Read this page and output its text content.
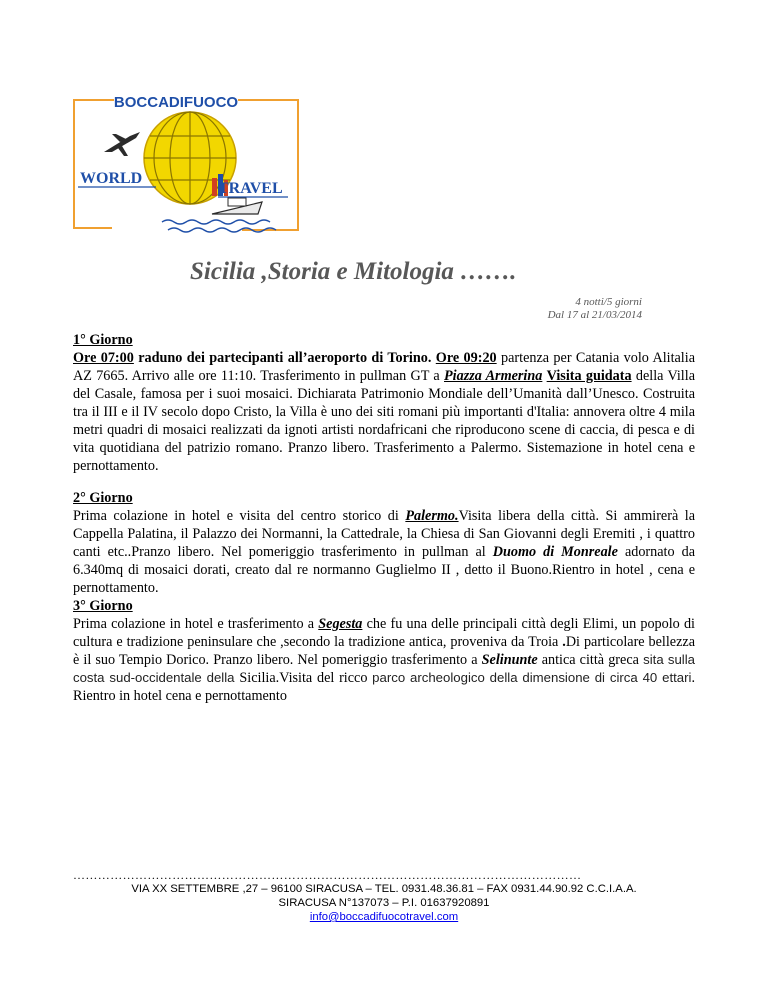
BOCCADIFUOCO
WORLD
TRAVEL
Sicilia ,Storia e Mitologia …….
4 notti/5 giorni
Dal 17 al 21/03/2014
1° Giorno

Ore 07:00 raduno dei partecipanti all’aeroporto di Torino. Ore 09:20 partenza per Catania volo Alitalia AZ 7665. Arrivo alle ore 11:10. Trasferimento in pullman GT a Piazza Armerina Visita guidata della Villa del Casale, famosa per i suoi mosaici. Dichiarata Patrimonio Mondiale dell’Umanità dall’Unesco. Costruita tra il III e il IV secolo dopo Cristo, la Villa è uno dei siti romani più importanti d'Italia: annovera oltre 4 mila metri quadri di mosaici realizzati da ignoti artisti nordafricani che riproducono scene di caccia, di pesca e di vita quotidiana del patrizio romano. Pranzo libero. Trasferimento a Palermo. Sistemazione in hotel cena e pernottamento.

2° Giorno

Prima colazione in hotel e visita del centro storico di Palermo.Visita libera della città. Si ammirerà la Cappella Palatina, il Palazzo dei Normanni, la Cattedrale, la Chiesa di San Giovanni degli Eremiti , i quattro canti etc..Pranzo libero. Nel pomeriggio trasferimento in pullman al Duomo di Monreale adornato da 6.340mq di mosaici dorati, creato dal re normanno Guglielmo II , detto il Buono.Rientro in hotel , cena e pernottamento.

3° Giorno

Prima colazione in hotel e trasferimento a Segesta che fu una delle principali città degli Elimi, un popolo di cultura e tradizione peninsulare che ,secondo la tradizione antica, proveniva da Troia .Di particolare bellezza è il suo Tempio Dorico. Pranzo libero. Nel pomeriggio trasferimento a Selinunte antica città greca sita sulla costa sud-occidentale della Sicilia.Visita del ricco parco archeologico della dimensione di circa 40 ettari. Rientro in hotel cena e pernottamento

……………………………………………………………………………………………………………
VIA XX SETTEMBRE ,27 – 96100 SIRACUSA – TEL. 0931.48.36.81 – FAX 0931.44.90.92 C.C.I.A.A.
SIRACUSA N°137073 – P.I. 01637920891
info@boccadifuocotravel.com
